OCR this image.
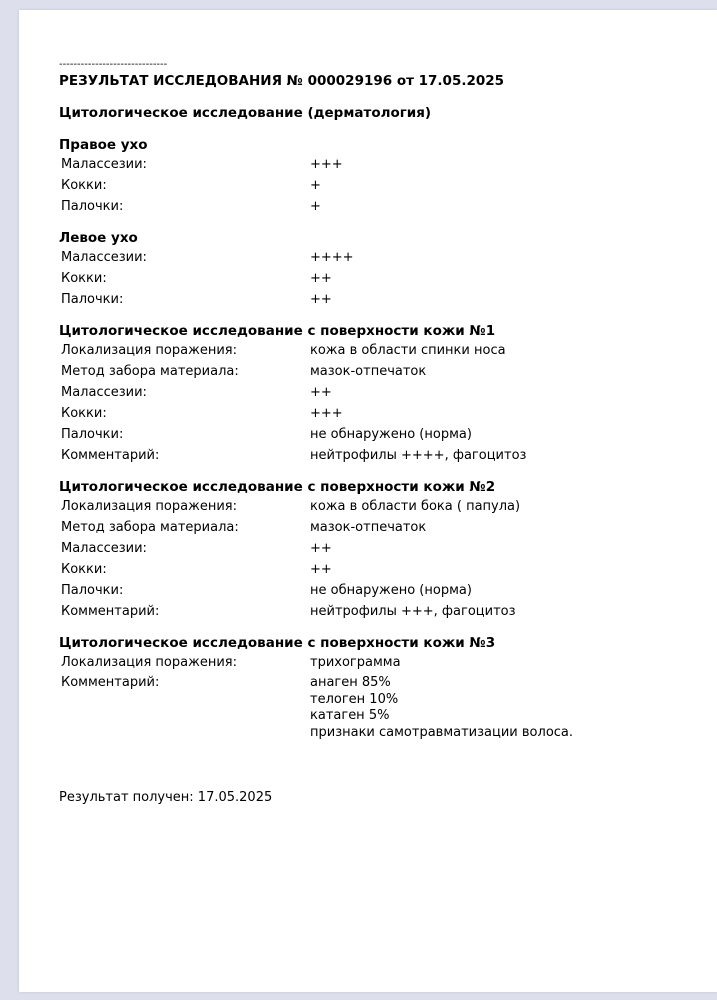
------------------------------
РЕЗУЛЬТАТ ИССЛЕДОВАНИЯ № 000029196 от 17.05.2025
Цитологическое исследование (дерматология)
Правое ухо
Малассезии:	+++
Кокки:	+
Палочки:	+
Левое ухо
Малассезии:	++++
Кокки:	++
Палочки:	++
Цитологическое исследование с поверхности кожи №1
Локализация поражения:	кожа в области спинки носа
Метод забора материала:	мазок-отпечаток
Малассезии:	++
Кокки:	+++
Палочки:	не обнаружено (норма)
Комментарий:	нейтрофилы ++++, фагоцитоз
Цитологическое исследование с поверхности кожи №2
Локализация поражения:	кожа в области бока ( папула)
Метод забора материала:	мазок-отпечаток
Малассезии:	++
Кокки:	++
Палочки:	не обнаружено (норма)
Комментарий:	нейтрофилы +++, фагоцитоз
Цитологическое исследование с поверхности кожи №3
Локализация поражения:	трихограмма
Комментарий:	анаген 85%
телоген 10%
катаген 5%
признаки самотравматизации волоса.
Результат получен: 17.05.2025
